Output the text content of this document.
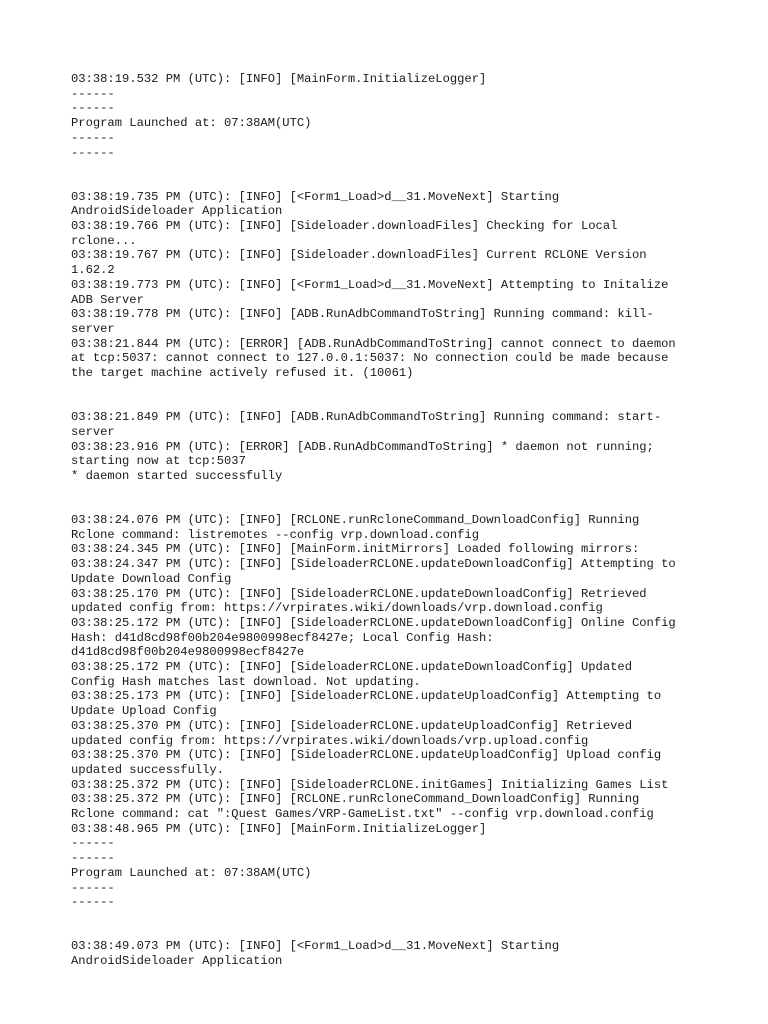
03:38:19.532 PM (UTC): [INFO] [MainForm.InitializeLogger]
------
------
Program Launched at: 07:38AM(UTC)
------
------
03:38:19.735 PM (UTC): [INFO] [<Form1_Load>d__31.MoveNext] Starting
AndroidSideloader Application
03:38:19.766 PM (UTC): [INFO] [Sideloader.downloadFiles] Checking for Local
rclone...
03:38:19.767 PM (UTC): [INFO] [Sideloader.downloadFiles] Current RCLONE Version
1.62.2
03:38:19.773 PM (UTC): [INFO] [<Form1_Load>d__31.MoveNext] Attempting to Initalize
ADB Server
03:38:19.778 PM (UTC): [INFO] [ADB.RunAdbCommandToString] Running command: kill-
server
03:38:21.844 PM (UTC): [ERROR] [ADB.RunAdbCommandToString] cannot connect to daemon
at tcp:5037: cannot connect to 127.0.0.1:5037: No connection could be made because
the target machine actively refused it. (10061)
03:38:21.849 PM (UTC): [INFO] [ADB.RunAdbCommandToString] Running command: start-
server
03:38:23.916 PM (UTC): [ERROR] [ADB.RunAdbCommandToString] * daemon not running;
starting now at tcp:5037
* daemon started successfully
03:38:24.076 PM (UTC): [INFO] [RCLONE.runRcloneCommand_DownloadConfig] Running
Rclone command: listremotes --config vrp.download.config
03:38:24.345 PM (UTC): [INFO] [MainForm.initMirrors] Loaded following mirrors:
03:38:24.347 PM (UTC): [INFO] [SideloaderRCLONE.updateDownloadConfig] Attempting to
Update Download Config
03:38:25.170 PM (UTC): [INFO] [SideloaderRCLONE.updateDownloadConfig] Retrieved
updated config from: https://vrpirates.wiki/downloads/vrp.download.config
03:38:25.172 PM (UTC): [INFO] [SideloaderRCLONE.updateDownloadConfig] Online Config
Hash: d41d8cd98f00b204e9800998ecf8427e; Local Config Hash:
d41d8cd98f00b204e9800998ecf8427e
03:38:25.172 PM (UTC): [INFO] [SideloaderRCLONE.updateDownloadConfig] Updated
Config Hash matches last download. Not updating.
03:38:25.173 PM (UTC): [INFO] [SideloaderRCLONE.updateUploadConfig] Attempting to
Update Upload Config
03:38:25.370 PM (UTC): [INFO] [SideloaderRCLONE.updateUploadConfig] Retrieved
updated config from: https://vrpirates.wiki/downloads/vrp.upload.config
03:38:25.370 PM (UTC): [INFO] [SideloaderRCLONE.updateUploadConfig] Upload config
updated successfully.
03:38:25.372 PM (UTC): [INFO] [SideloaderRCLONE.initGames] Initializing Games List
03:38:25.372 PM (UTC): [INFO] [RCLONE.runRcloneCommand_DownloadConfig] Running
Rclone command: cat ":Quest Games/VRP-GameList.txt" --config vrp.download.config
03:38:48.965 PM (UTC): [INFO] [MainForm.InitializeLogger]
------
------
Program Launched at: 07:38AM(UTC)
------
------
03:38:49.073 PM (UTC): [INFO] [<Form1_Load>d__31.MoveNext] Starting
AndroidSideloader Application
